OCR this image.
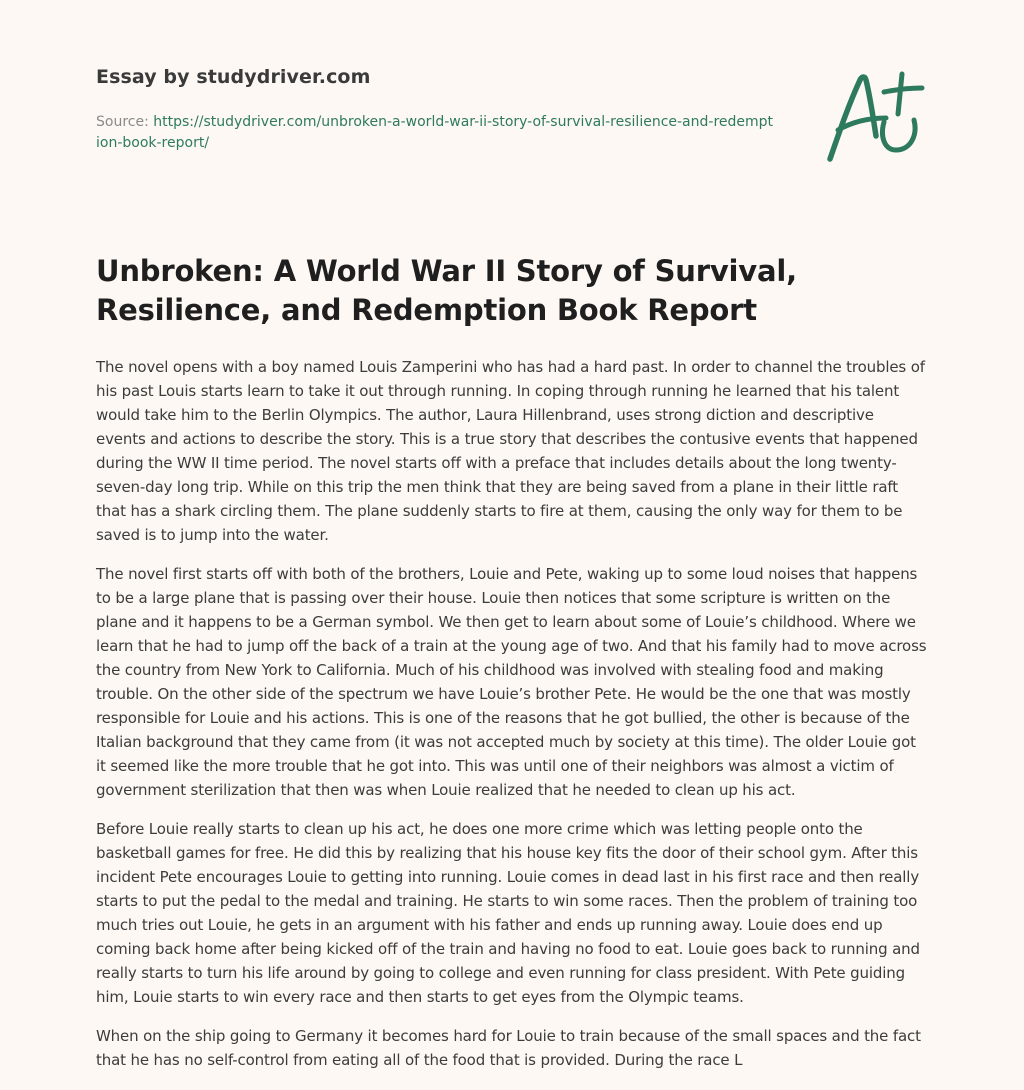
Essay by studydriver.com
Source: https://studydriver.com/unbroken-a-world-war-ii-story-of-survival-resilience-and-redemption-book-report/
Unbroken: A World War II Story of Survival, Resilience, and Redemption Book Report

The novel opens with a boy named Louis Zamperini who has had a hard past. In order to channel the troubles of his past Louis starts learn to take it out through running. In coping through running he learned that his talent would take him to the Berlin Olympics. The author, Laura Hillenbrand, uses strong diction and descriptive events and actions to describe the story. This is a true story that describes the contusive events that happened during the WW II time period. The novel starts off with a preface that includes details about the long twenty-seven-day long trip. While on this trip the men think that they are being saved from a plane in their little raft that has a shark circling them. The plane suddenly starts to fire at them, causing the only way for them to be saved is to jump into the water.

The novel first starts off with both of the brothers, Louie and Pete, waking up to some loud noises that happens to be a large plane that is passing over their house. Louie then notices that some scripture is written on the plane and it happens to be a German symbol. We then get to learn about some of Louie’s childhood. Where we learn that he had to jump off the back of a train at the young age of two. And that his family had to move across the country from New York to California. Much of his childhood was involved with stealing food and making trouble. On the other side of the spectrum we have Louie’s brother Pete. He would be the one that was mostly responsible for Louie and his actions. This is one of the reasons that he got bullied, the other is because of the Italian background that they came from (it was not accepted much by society at this time). The older Louie got it seemed like the more trouble that he got into. This was until one of their neighbors was almost a victim of government sterilization that then was when Louie realized that he needed to clean up his act.

Before Louie really starts to clean up his act, he does one more crime which was letting people onto the basketball games for free. He did this by realizing that his house key fits the door of their school gym. After this incident Pete encourages Louie to getting into running. Louie comes in dead last in his first race and then really starts to put the pedal to the medal and training. He starts to win some races. Then the problem of training too much tries out Louie, he gets in an argument with his father and ends up running away. Louie does end up coming back home after being kicked off of the train and having no food to eat. Louie goes back to running and really starts to turn his life around by going to college and even running for class president. With Pete guiding him, Louie starts to win every race and then starts to get eyes from the Olympic teams.

When on the ship going to Germany it becomes hard for Louie to train because of the small spaces and the fact that he has no self-control from eating all of the food that is provided. During the race L
